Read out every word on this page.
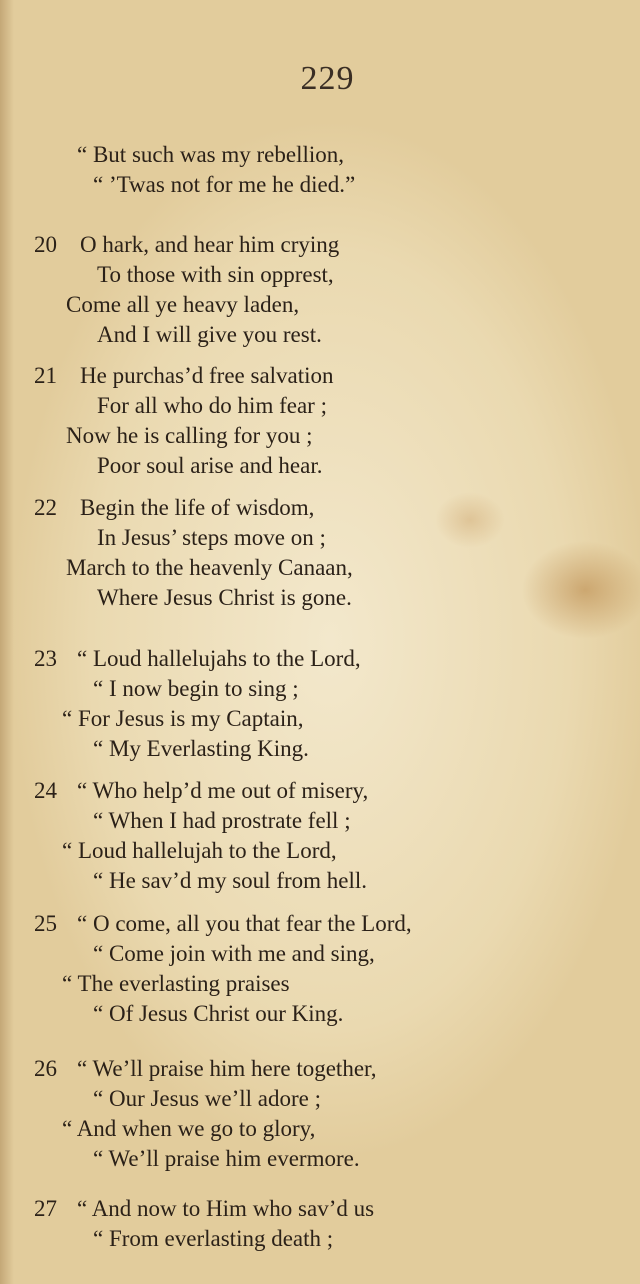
229
“ But such was my rebellion,
“ ’Twas not for me he died.”
20 O hark, and hear him crying
To those with sin opprest,
Come all ye heavy laden,
And I will give you rest.
21 He purchas’d free salvation
For all who do him fear ;
Now he is calling for you ;
Poor soul arise and hear.
22 Begin the life of wisdom,
In Jesus’ steps move on ;
March to the heavenly Canaan,
Where Jesus Christ is gone.
23 “ Loud hallelujahs to the Lord,
“ I now begin to sing ;
“ For Jesus is my Captain,
“ My Everlasting King.
24 “ Who help’d me out of misery,
“ When I had prostrate fell ;
“ Loud hallelujah to the Lord,
“ He sav’d my soul from hell.
25 “ O come, all you that fear the Lord,
“ Come join with me and sing,
“ The everlasting praises
“ Of Jesus Christ our King.
26 “ We’ll praise him here together,
“ Our Jesus we’ll adore ;
“ And when we go to glory,
“ We’ll praise him evermore.
27 “ And now to Him who sav’d us
“ From everlasting death ;
